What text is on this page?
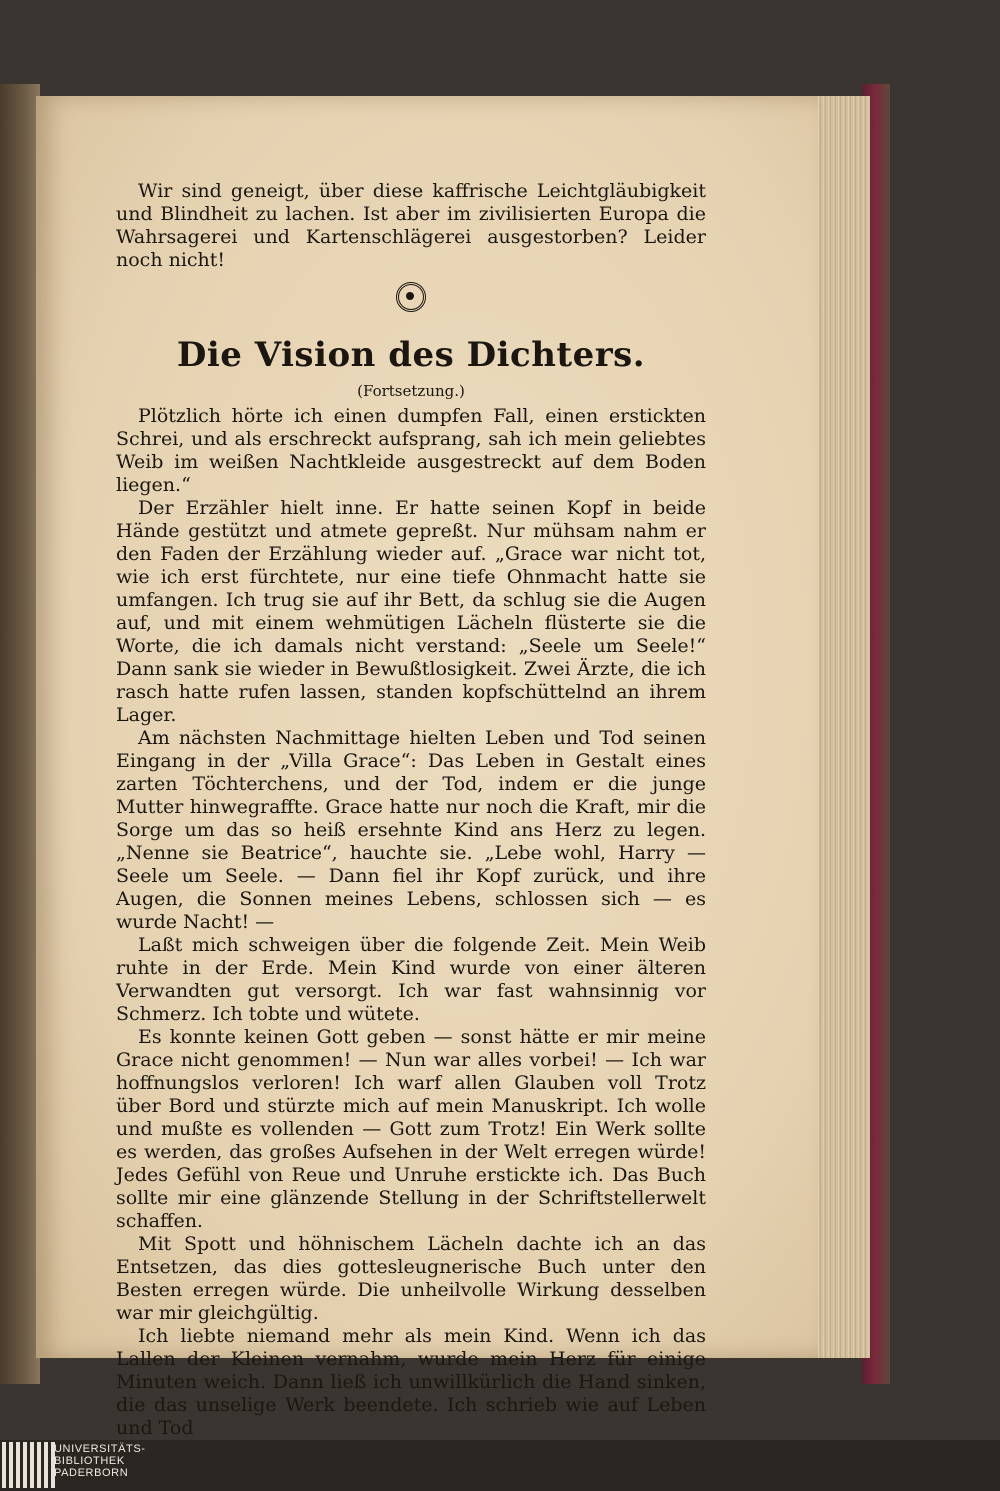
Wir sind geneigt, über diese kaffrische Leichtgläubigkeit und Blindheit zu lachen. Ist aber im zivilisierten Europa die Wahrsagerei und Kartenschlägerei ausgestorben? Leider noch nicht!

Die Vision des Dichters.
(Fortsetzung.)

Plötzlich hörte ich einen dumpfen Fall, einen erstickten Schrei, und als erschreckt aufsprang, sah ich mein geliebtes Weib im weißen Nachtkleide ausgestreckt auf dem Boden liegen.“

Der Erzähler hielt inne. Er hatte seinen Kopf in beide Hände gestützt und atmete gepreßt. Nur mühsam nahm er den Faden der Erzählung wieder auf. „Grace war nicht tot, wie ich erst fürchtete, nur eine tiefe Ohnmacht hatte sie umfangen. Ich trug sie auf ihr Bett, da schlug sie die Augen auf, und mit einem wehmütigen Lächeln flüsterte sie die Worte, die ich damals nicht verstand: „Seele um Seele!“ Dann sank sie wieder in Bewußtlosigkeit. Zwei Ärzte, die ich rasch hatte rufen lassen, standen kopfschüttelnd an ihrem Lager.

Am nächsten Nachmittage hielten Leben und Tod seinen Eingang in der „Villa Grace“: Das Leben in Gestalt eines zarten Töchterchens, und der Tod, indem er die junge Mutter hinwegraffte. Grace hatte nur noch die Kraft, mir die Sorge um das so heiß ersehnte Kind ans Herz zu legen. „Nenne sie Beatrice“, hauchte sie. „Lebe wohl, Harry — Seele um Seele. — Dann fiel ihr Kopf zurück, und ihre Augen, die Sonnen meines Lebens, schlossen sich — es wurde Nacht! —

Laßt mich schweigen über die folgende Zeit. Mein Weib ruhte in der Erde. Mein Kind wurde von einer älteren Verwandten gut versorgt. Ich war fast wahnsinnig vor Schmerz. Ich tobte und wütete.

Es konnte keinen Gott geben — sonst hätte er mir meine Grace nicht genommen! — Nun war alles vorbei! — Ich war hoffnungslos verloren! Ich warf allen Glauben voll Trotz über Bord und stürzte mich auf mein Manuskript. Ich wolle und mußte es vollenden — Gott zum Trotz! Ein Werk sollte es werden, das großes Aufsehen in der Welt erregen würde! Jedes Gefühl von Reue und Unruhe erstickte ich. Das Buch sollte mir eine glänzende Stellung in der Schriftstellerwelt schaffen.

Mit Spott und höhnischem Lächeln dachte ich an das Entsetzen, das dies gottesleugnerische Buch unter den Besten erregen würde. Die unheilvolle Wirkung desselben war mir gleichgültig.

Ich liebte niemand mehr als mein Kind. Wenn ich das Lallen der Kleinen vernahm, wurde mein Herz für einige Minuten weich. Dann ließ ich unwillkürlich die Hand sinken, die das unselige Werk beendete. Ich schrieb wie auf Leben und Tod

UNIVERSITÄTS-
BIBLIOTHEK
PADERBORN
